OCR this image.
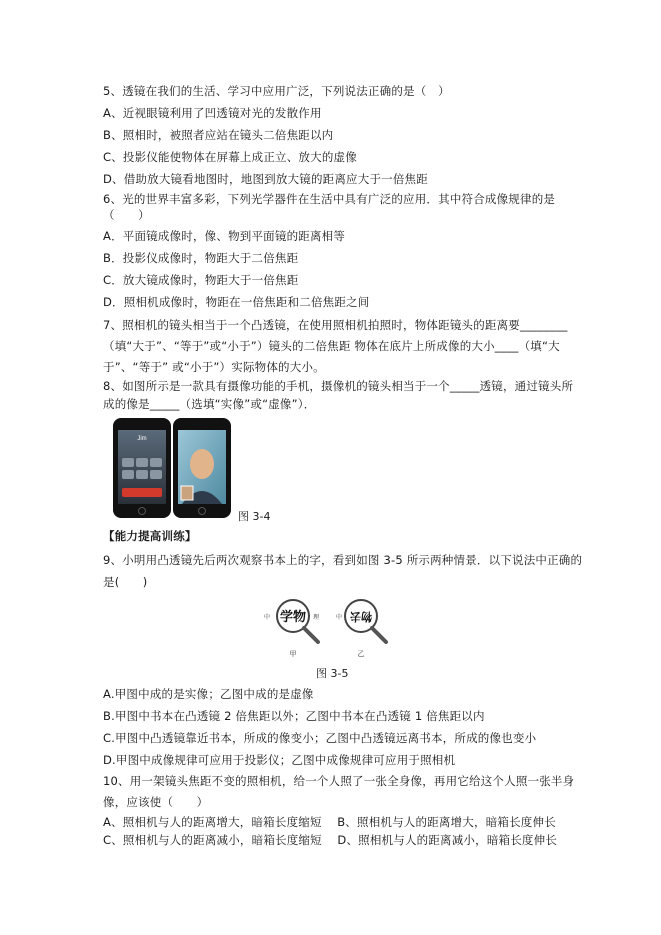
5、透镜在我们的生活、学习中应用广泛，下列说法正确的是（　）
A、近视眼镜利用了凹透镜对光的发散作用
B、照相时，被照者应站在镜头二倍焦距以内
C、投影仪能使物体在屏幕上成正立、放大的虚像
D、借助放大镜看地图时，地图到放大镜的距离应大于一倍焦距
6、光的世界丰富多彩，下列光学器件在生活中具有广泛的应用．其中符合成像规律的是
（　　）
A．平面镜成像时，像、物到平面镜的距离相等
B．投影仪成像时，物距大于二倍焦距
C．放大镜成像时，物距大于一倍焦距
D．照相机成像时，物距在一倍焦距和二倍焦距之间
7、照相机的镜头相当于一个凸透镜，在使用照相机拍照时，物体距镜头的距离要________
（填“大于”、“等于”或“小于”）镜头的二倍焦距 物体在底片上所成像的大小____（填“大
于”、“等于” 或“小于”）实际物体的大小。
8、如图所示是一款具有摄像功能的手机，摄像机的镜头相当于一个_____透镜，通过镜头所
成的像是_____（选填“实像”或“虚像”）．
Jim
图 3-4
【能力提高训练】
9、小明用凸透镜先后两次观察书本上的字，看到如图 3-5 所示两种情景．以下说法中正确的
是(　　)
中 学物 理	中 物去
甲	乙
图 3-5
A.甲图中成的是实像；乙图中成的是虚像
B.甲图中书本在凸透镜 2 倍焦距以外；乙图中书本在凸透镜 1 倍焦距以内
C.甲图中凸透镜靠近书本，所成的像变小；乙图中凸透镜远离书本，所成的像也变小
D.甲图中成像规律可应用于投影仪；乙图中成像规律可应用于照相机
10、用一架镜头焦距不变的照相机，给一个人照了一张全身像，再用它给这个人照一张半身
像，应该使（　　）
A、照相机与人的距离增大，暗箱长度缩短　 B、照相机与人的距离增大，暗箱长度伸长
C、照相机与人的距离减小，暗箱长度缩短　 D、照相机与人的距离减小，暗箱长度伸长
